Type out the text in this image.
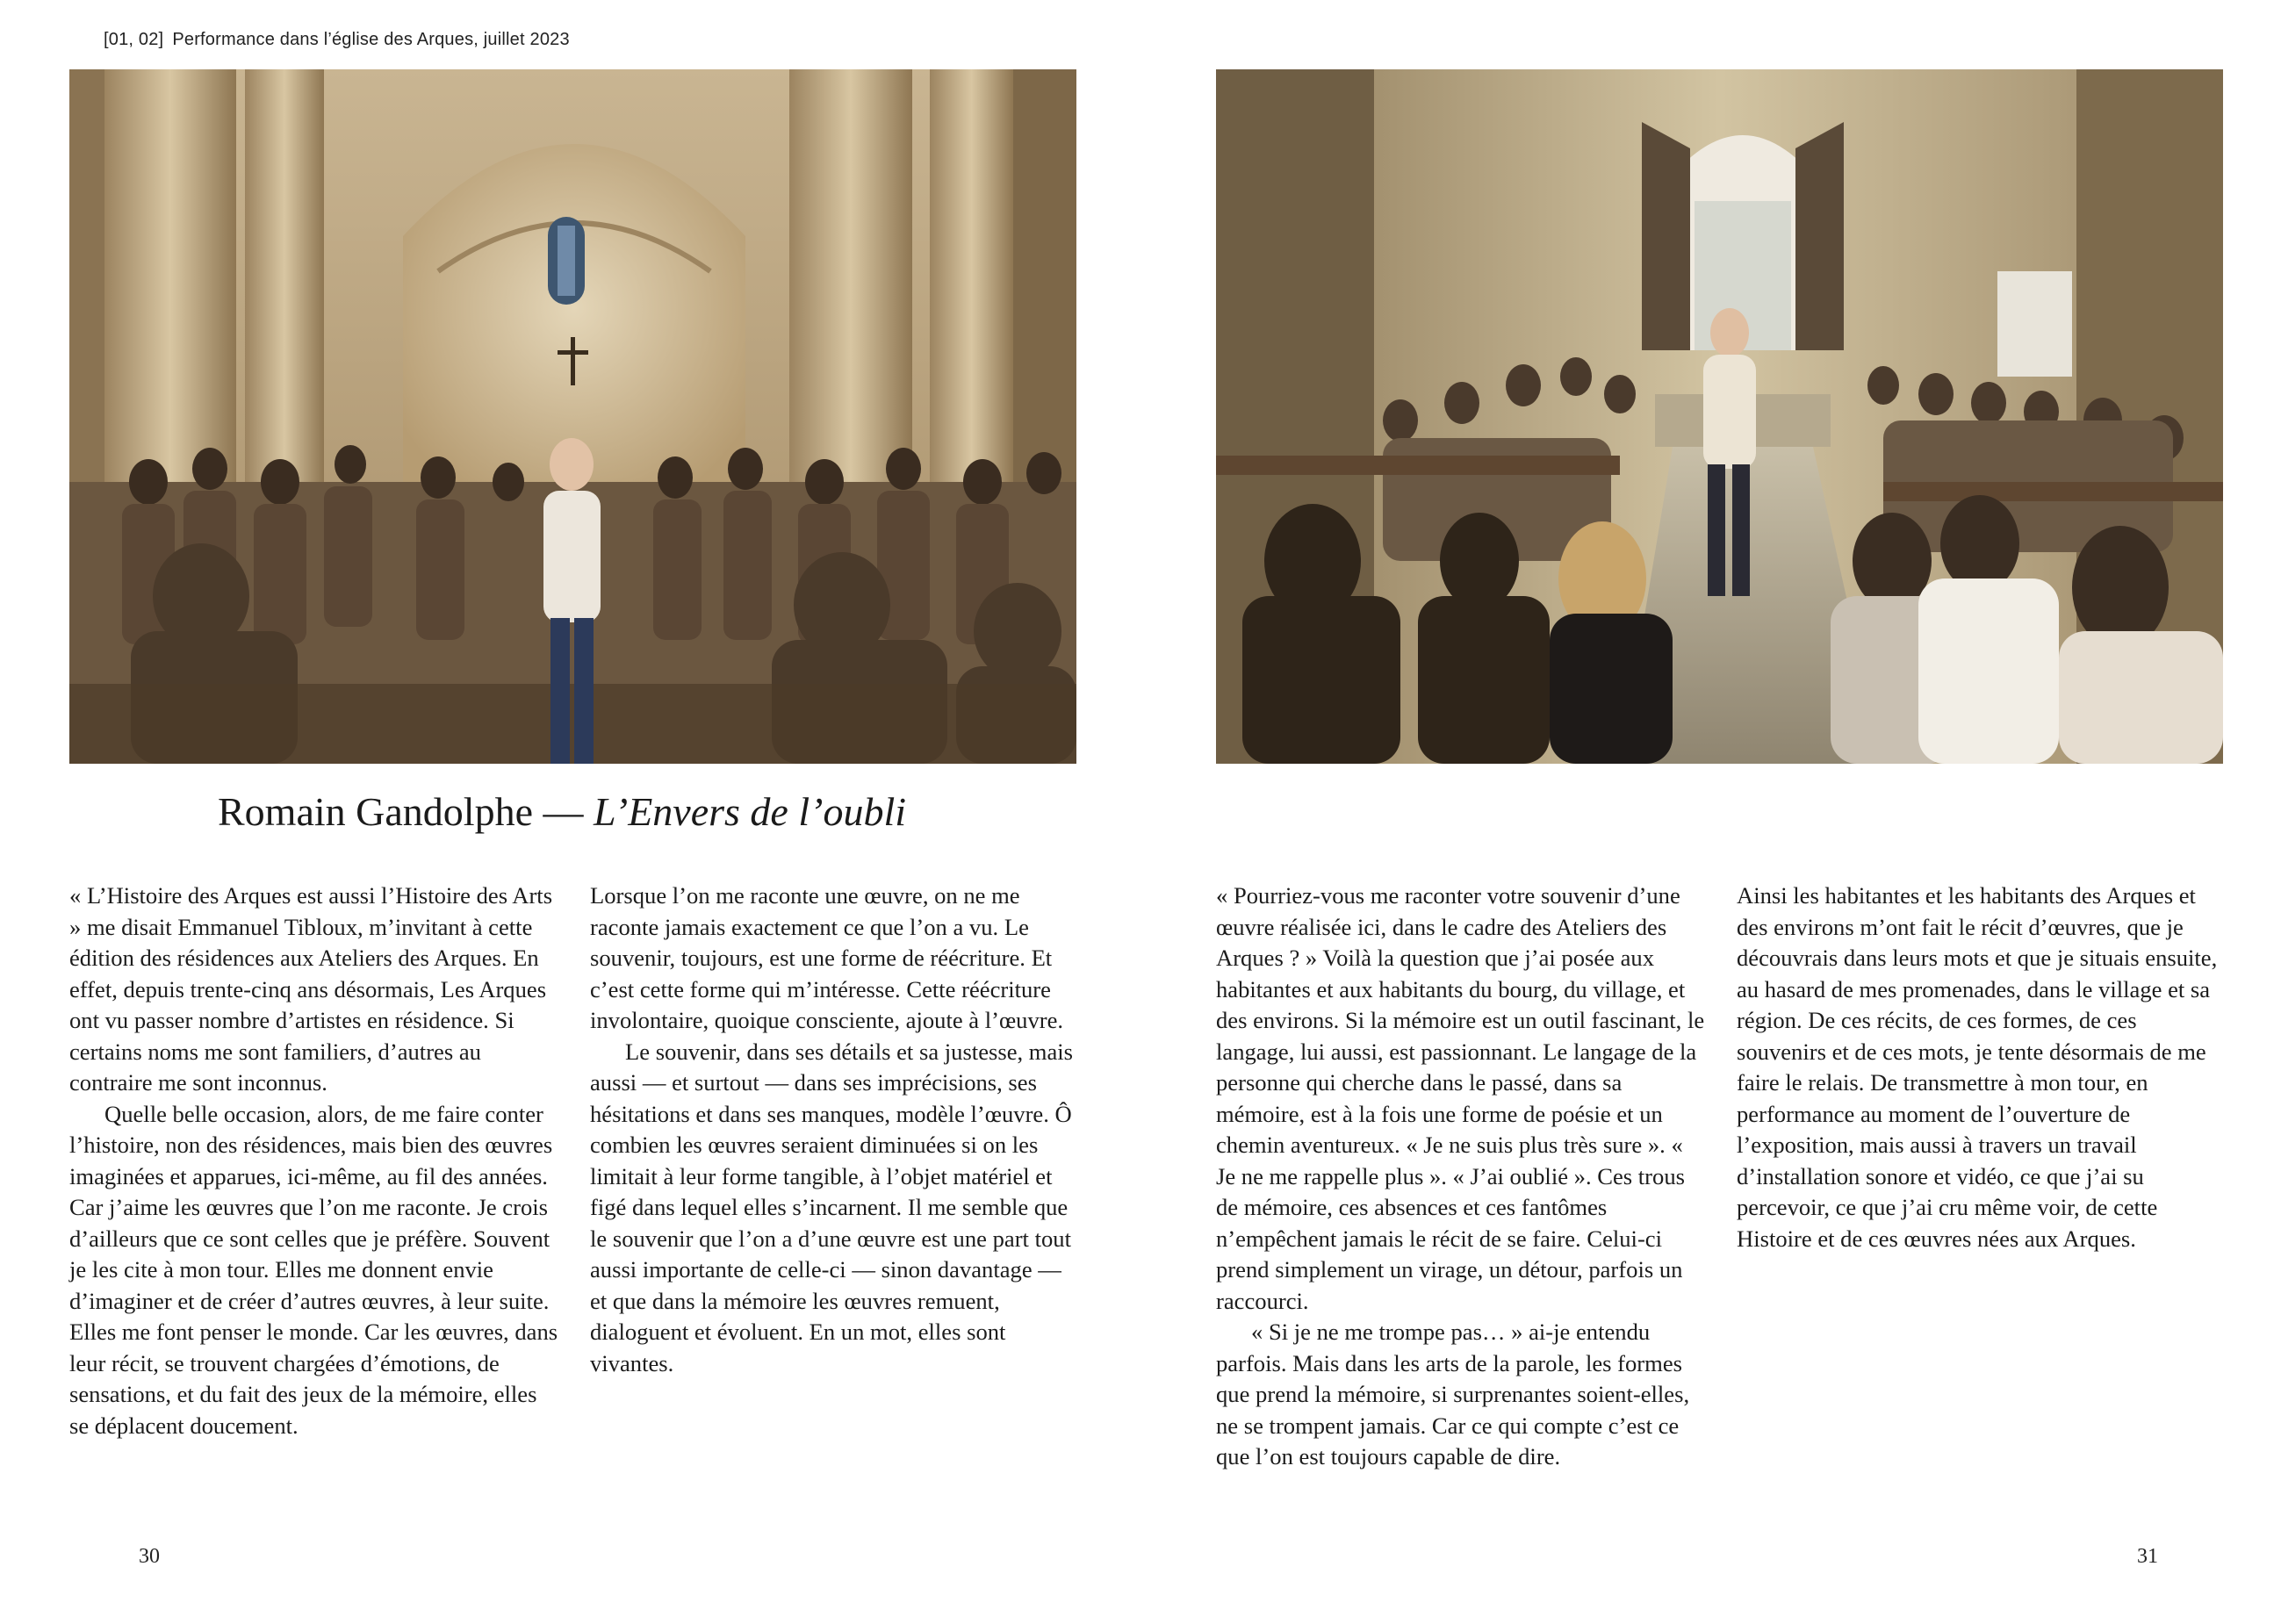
[01, 02] Performance dans l’église des Arques, juillet 2023
Romain Gandolphe — L’Envers de l’oubli

« L’Histoire des Arques est aussi l’Histoire des Arts » me disait Emmanuel Tibloux, m’invitant à cette édition des résidences aux Ateliers des Arques. En effet, depuis trente-cinq ans désormais, Les Arques ont vu passer nombre d’artistes en résidence. Si certains noms me sont familiers, d’autres au contraire me sont inconnus.

Quelle belle occasion, alors, de me faire conter l’histoire, non des résidences, mais bien des œuvres imaginées et apparues, ici-même, au fil des années. Car j’aime les œuvres que l’on me raconte. Je crois d’ailleurs que ce sont celles que je préfère. Souvent je les cite à mon tour. Elles me donnent envie d’imaginer et de créer d’autres œuvres, à leur suite. Elles me font penser le monde. Car les œuvres, dans leur récit, se trouvent chargées d’émotions, de sensations, et du fait des jeux de la mémoire, elles se déplacent doucement.

Lorsque l’on me raconte une œuvre, on ne me raconte jamais exactement ce que l’on a vu. Le souvenir, toujours, est une forme de réécriture. Et c’est cette forme qui m’intéresse. Cette réécriture involontaire, quoique consciente, ajoute à l’œuvre.

Le souvenir, dans ses détails et sa justesse, mais aussi — et surtout — dans ses imprécisions, ses hésitations et dans ses manques, modèle l’œuvre. Ô combien les œuvres seraient diminuées si on les limitait à leur forme tangible, à l’objet matériel et figé dans lequel elles s’incarnent. Il me semble que le souvenir que l’on a d’une œuvre est une part tout aussi importante de celle-ci — sinon davantage — et que dans la mémoire les œuvres remuent, dialoguent et évoluent. En un mot, elles sont vivantes.

« Pourriez-vous me raconter votre souvenir d’une œuvre réalisée ici, dans le cadre des Ateliers des Arques ? » Voilà la question que j’ai posée aux habitantes et aux habitants du bourg, du village, et des environs. Si la mémoire est un outil fascinant, le langage, lui aussi, est passionnant. Le langage de la personne qui cherche dans le passé, dans sa mémoire, est à la fois une forme de poésie et un chemin aventureux. « Je ne suis plus très sure ». « Je ne me rappelle plus ». « J’ai oublié ». Ces trous de mémoire, ces absences et ces fantômes n’empêchent jamais le récit de se faire. Celui-ci prend simplement un virage, un détour, parfois un raccourci.

« Si je ne me trompe pas… » ai-je entendu parfois. Mais dans les arts de la parole, les formes que prend la mémoire, si surprenantes soient-elles, ne se trompent jamais. Car ce qui compte c’est ce que l’on est toujours capable de dire.

Ainsi les habitantes et les habitants des Arques et des environs m’ont fait le récit d’œuvres, que je découvrais dans leurs mots et que je situais ensuite, au hasard de mes promenades, dans le village et sa région. De ces récits, de ces formes, de ces souvenirs et de ces mots, je tente désormais de me faire le relais. De transmettre à mon tour, en performance au moment de l’ouverture de l’exposition, mais aussi à travers un travail d’installation sonore et vidéo, ce que j’ai su percevoir, ce que j’ai cru même voir, de cette Histoire et de ces œuvres nées aux Arques.

30	31
